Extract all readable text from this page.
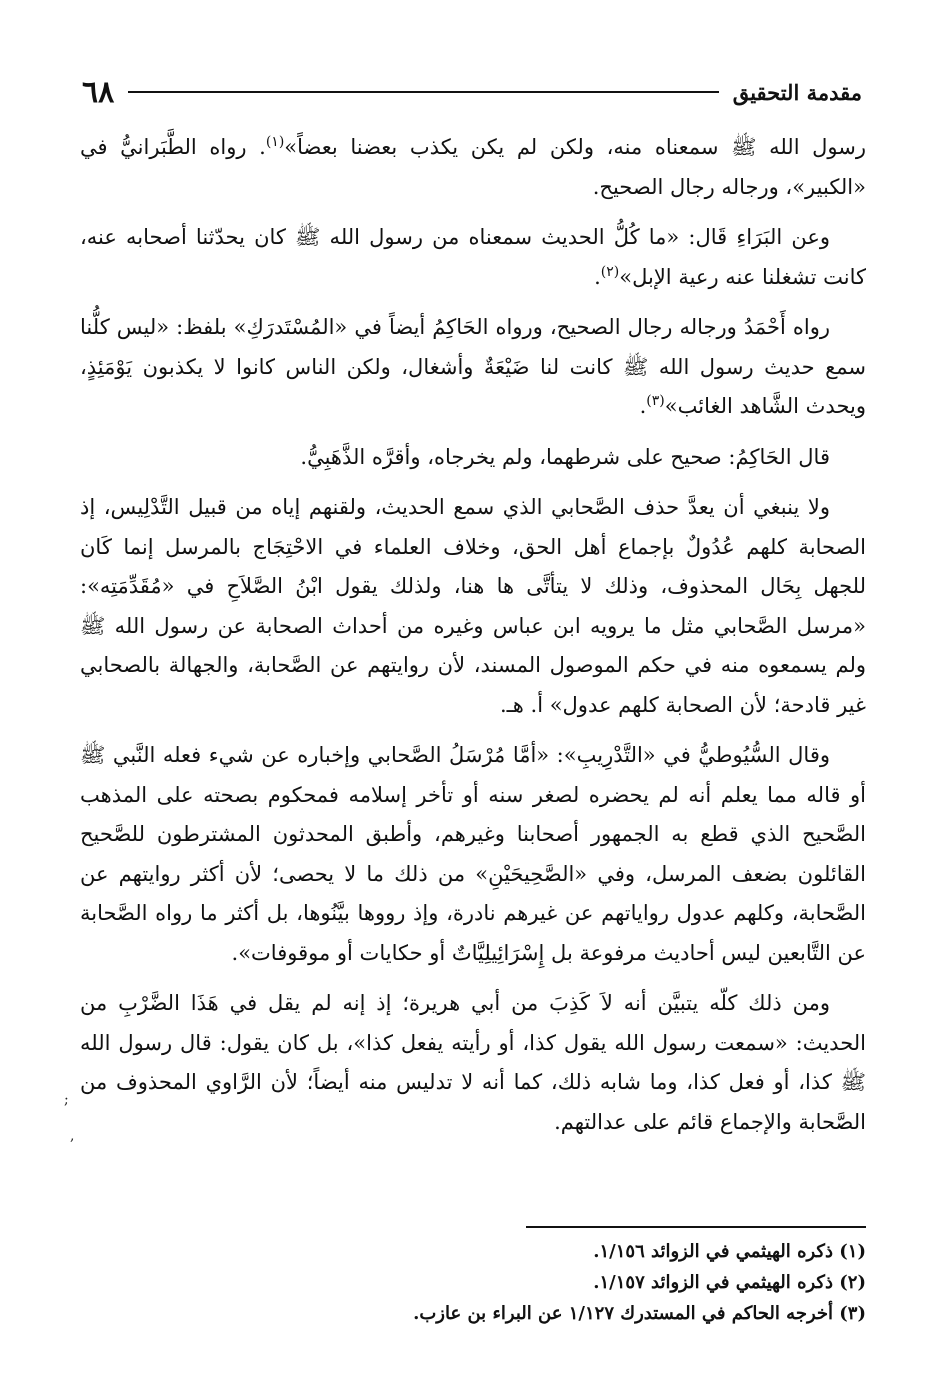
مقدمة التحقيق
٦٨

رسول الله ﷺ سمعناه منه، ولكن لم يكن يكذب بعضنا بعضاً»$^{(١)}$. رواه الطَّبَرانيُّ في «الكبير»، ورجاله رجال الصحيح.

وعن البَرَاءِ قَال: «ما كُلُّ الحديث سمعناه من رسول الله ﷺ كان يحدّثنا أصحابه عنه، كانت تشغلنا عنه رعية الإبل»$^{(٢)}$.

رواه أَحْمَدُ ورجاله رجال الصحيح، ورواه الحَاكِمُ أيضاً في «المُسْتَدرَكِ» بلفظ: «ليس كلُّنا سمع حديث رسول الله ﷺ كانت لنا ضَيْعَةٌ وأشغال، ولكن الناس كانوا لا يكذبون يَوْمَئِذٍ، ويحدث الشَّاهد الغائب»$^{(٣)}$.

قال الحَاكِمُ: صحيح على شرطهما، ولم يخرجاه، وأقرَّه الذَّهَبِيُّ.

ولا ينبغي أن يعدَّ حذف الصَّحابي الذي سمع الحديث، ولقنهم إياه من قبيل التَّدْلِيس، إذ الصحابة كلهم عُدُولٌ بإجماع أهل الحق، وخلاف العلماء في الاحْتِجَاج بالمرسل إنما كَان للجهل بِحَال المحذوف، وذلك لا يتأتَّى ها هنا، ولذلك يقول ابْنُ الصَّلاَحِ في «مُقَدِّمَتِه»: «مرسل الصَّحابي مثل ما يرويه ابن عباس وغيره من أحداث الصحابة عن رسول الله ﷺ ولم يسمعوه منه في حكم الموصول المسند، لأن روايتهم عن الصَّحابة، والجهالة بالصحابي غير قادحة؛ لأن الصحابة كلهم عدول» أ. هـ.

وقال السُّيُوطيُّ في «التَّدْرِيبِ»: «أمَّا مُرْسَلُ الصَّحابي وإخباره عن شيء فعله النَّبي ﷺ أو قاله مما يعلم أنه لم يحضره لصغر سنه أو تأخر إسلامه فمحكوم بصحته على المذهب الصَّحيح الذي قطع به الجمهور أصحابنا وغيرهم، وأطبق المحدثون المشترطون للصَّحيح القائلون بضعف المرسل، وفي «الصَّحِيحَيْنِ» من ذلك ما لا يحصى؛ لأن أكثر روايتهم عن الصَّحابة، وكلهم عدول رواياتهم عن غيرهم نادرة، وإذ رووها بيَّنُوها، بل أكثر ما رواه الصَّحابة عن التَّابعين ليس أحاديث مرفوعة بل إِسْرَائِيلِيَّاتٌ أو حكايات أو موقوفات».

ومن ذلك كلّه يتبيَّن أنه لاَ كَذِبَ من أبي هريرة؛ إذ إنه لم يقل في هَذَا الضَّرْبِ من الحديث: «سمعت رسول الله يقول كذا، أو رأيته يفعل كذا»، بل كان يقول: قال رسول الله ﷺ كذا، أو فعل كذا، وما شابه ذلك، كما أنه لا تدليس منه أيضاً؛ لأن الرَّاوي المحذوف من الصَّحابة والإجماع قائم على عدالتهم.

;
,

(١) ذكره الهيثمي في الزوائد ١/١٥٦.

(٢) ذكره الهيثمي في الزوائد ١/١٥٧.

(٣) أخرجه الحاكم في المستدرك ١/١٢٧ عن البراء بن عازب.
